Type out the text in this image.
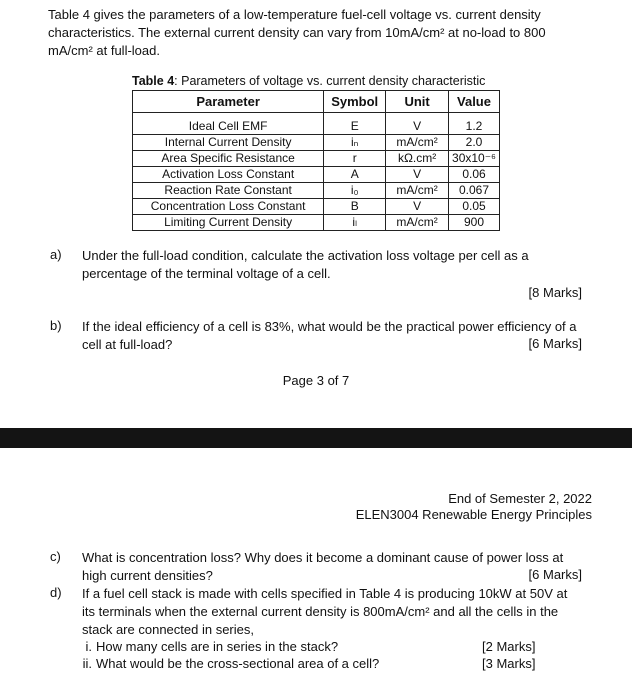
Table 4 gives the parameters of a low-temperature fuel-cell voltage vs. current density
characteristics. The external current density can vary from 10mA/cm² at no-load to 800
mA/cm² at full-load.
Table 4: Parameters of voltage vs. current density characteristic
Parameter	Symbol	Unit	Value
Ideal Cell EMF	E	V	1.2
Internal Current Density	iₙ	mA/cm²	2.0
Area Specific Resistance	r	kΩ.cm²	30x10⁻⁶
Activation Loss Constant	A	V	0.06
Reaction Rate Constant	i₀	mA/cm²	0.067
Concentration Loss Constant	B	V	0.05
Limiting Current Density	iₗ	mA/cm²	900
a)	Under the full-load condition, calculate the activation loss voltage per cell as a
percentage of the terminal voltage of a cell.
[8 Marks]
b)	If the ideal efficiency of a cell is 83%, what would be the practical power efficiency of a
cell at full-load?	[6 Marks]
Page 3 of 7
End of Semester 2, 2022
ELEN3004 Renewable Energy Principles
c)	What is concentration loss? Why does it become a dominant cause of power loss at
high current densities?	[6 Marks]
d)	If a fuel cell stack is made with cells specified in Table 4 is producing 10kW at 50V at
its terminals when the external current density is 800mA/cm² and all the cells in the
stack are connected in series,
i. How many cells are in series in the stack?	[2 Marks]
ii. What would be the cross-sectional area of a cell?	[3 Marks]
